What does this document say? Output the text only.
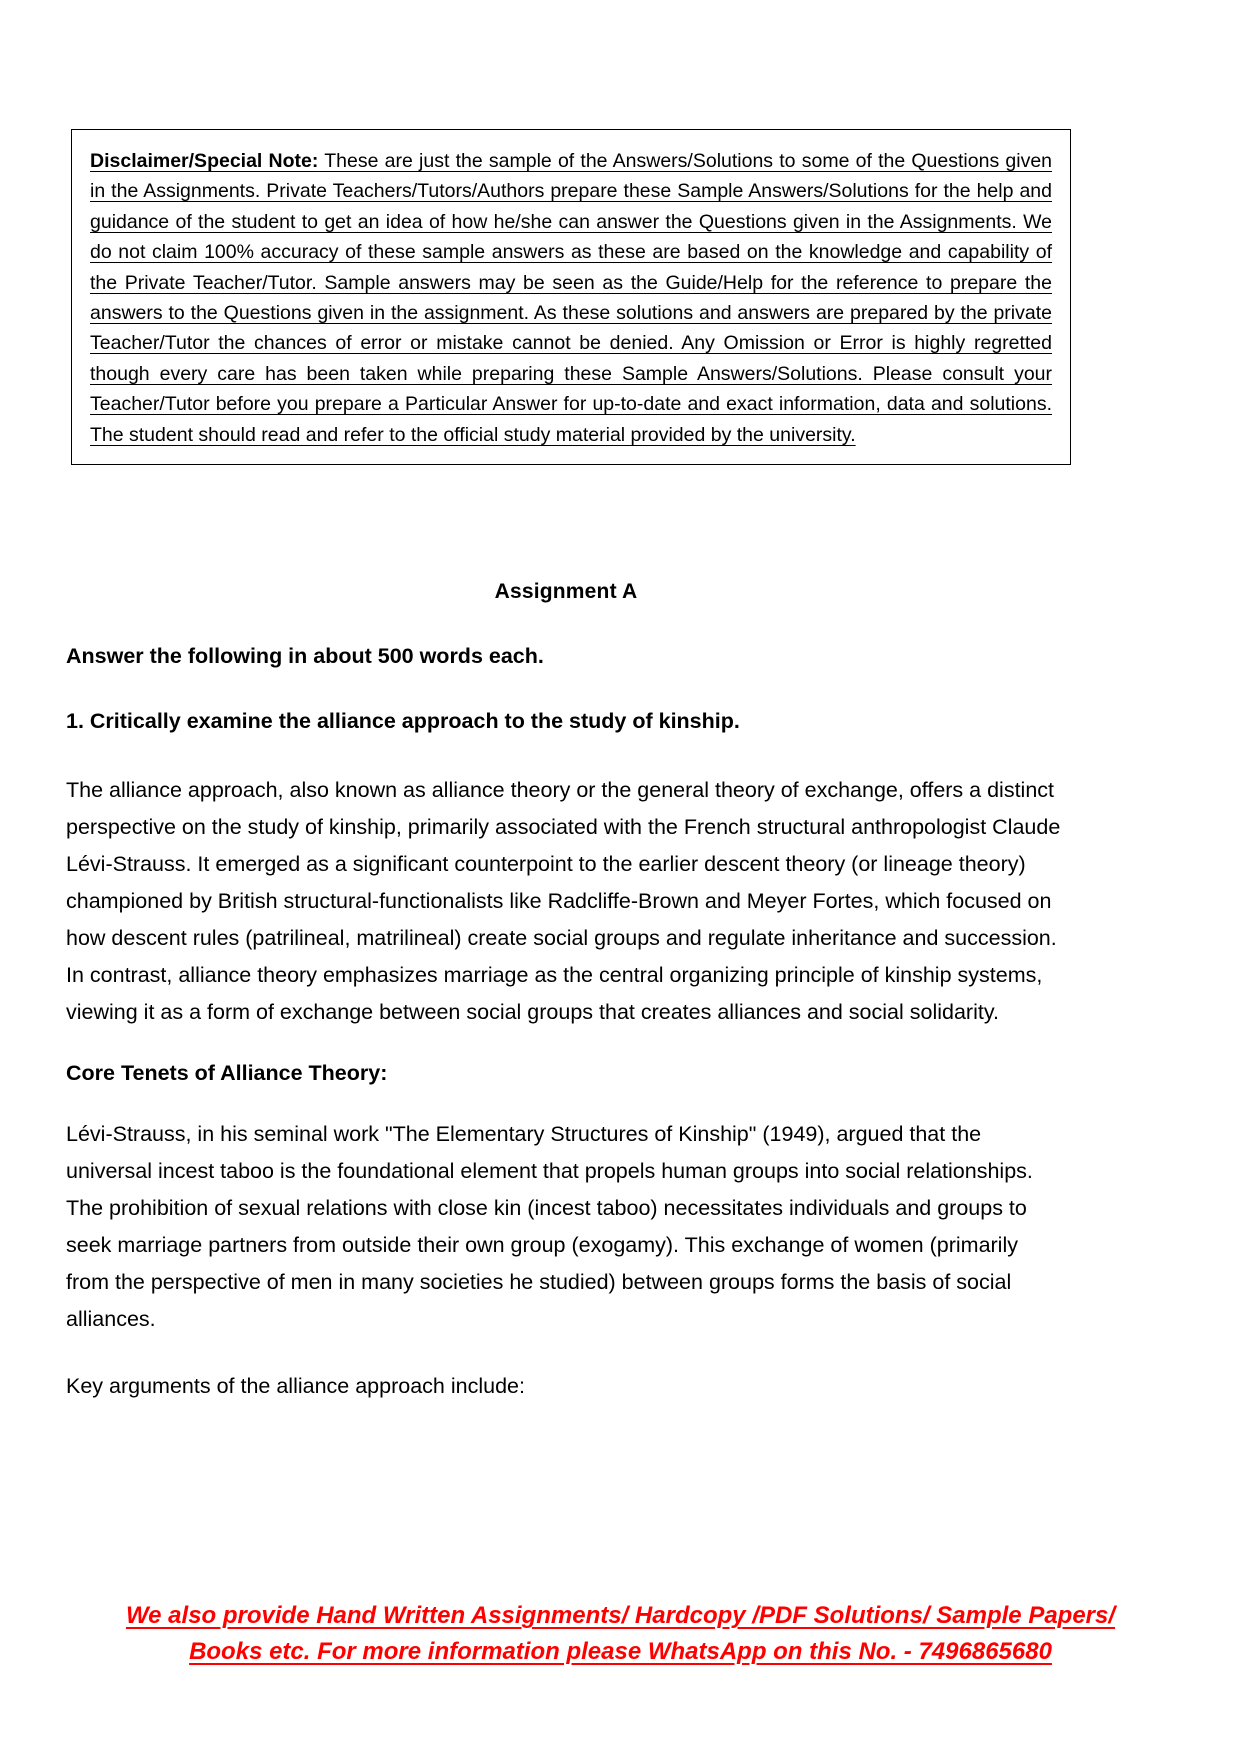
Disclaimer/Special Note: These are just the sample of the Answers/Solutions to some of the Questions given in the Assignments. Private Teachers/Tutors/Authors prepare these Sample Answers/Solutions for the help and guidance of the student to get an idea of how he/she can answer the Questions given in the Assignments. We do not claim 100% accuracy of these sample answers as these are based on the knowledge and capability of the Private Teacher/Tutor. Sample answers may be seen as the Guide/Help for the reference to prepare the answers to the Questions given in the assignment. As these solutions and answers are prepared by the private Teacher/Tutor the chances of error or mistake cannot be denied. Any Omission or Error is highly regretted though every care has been taken while preparing these Sample Answers/Solutions. Please consult your Teacher/Tutor before you prepare a Particular Answer for up-to-date and exact information, data and solutions. The student should read and refer to the official study material provided by the university.

Assignment A
Answer the following in about 500 words each.
1. Critically examine the alliance approach to the study of kinship.

The alliance approach, also known as alliance theory or the general theory of exchange, offers a distinct perspective on the study of kinship, primarily associated with the French structural anthropologist Claude Lévi-Strauss. It emerged as a significant counterpoint to the earlier descent theory (or lineage theory) championed by British structural-functionalists like Radcliffe-Brown and Meyer Fortes, which focused on how descent rules (patrilineal, matrilineal) create social groups and regulate inheritance and succession. In contrast, alliance theory emphasizes marriage as the central organizing principle of kinship systems, viewing it as a form of exchange between social groups that creates alliances and social solidarity.

Core Tenets of Alliance Theory:

Lévi-Strauss, in his seminal work "The Elementary Structures of Kinship" (1949), argued that the universal incest taboo is the foundational element that propels human groups into social relationships. The prohibition of sexual relations with close kin (incest taboo) necessitates individuals and groups to seek marriage partners from outside their own group (exogamy). This exchange of women (primarily from the perspective of men in many societies he studied) between groups forms the basis of social alliances.

Key arguments of the alliance approach include:

We also provide Hand Written Assignments/ Hardcopy /PDF Solutions/ Sample Papers/
Books etc. For more information please WhatsApp on this No. - 7496865680
